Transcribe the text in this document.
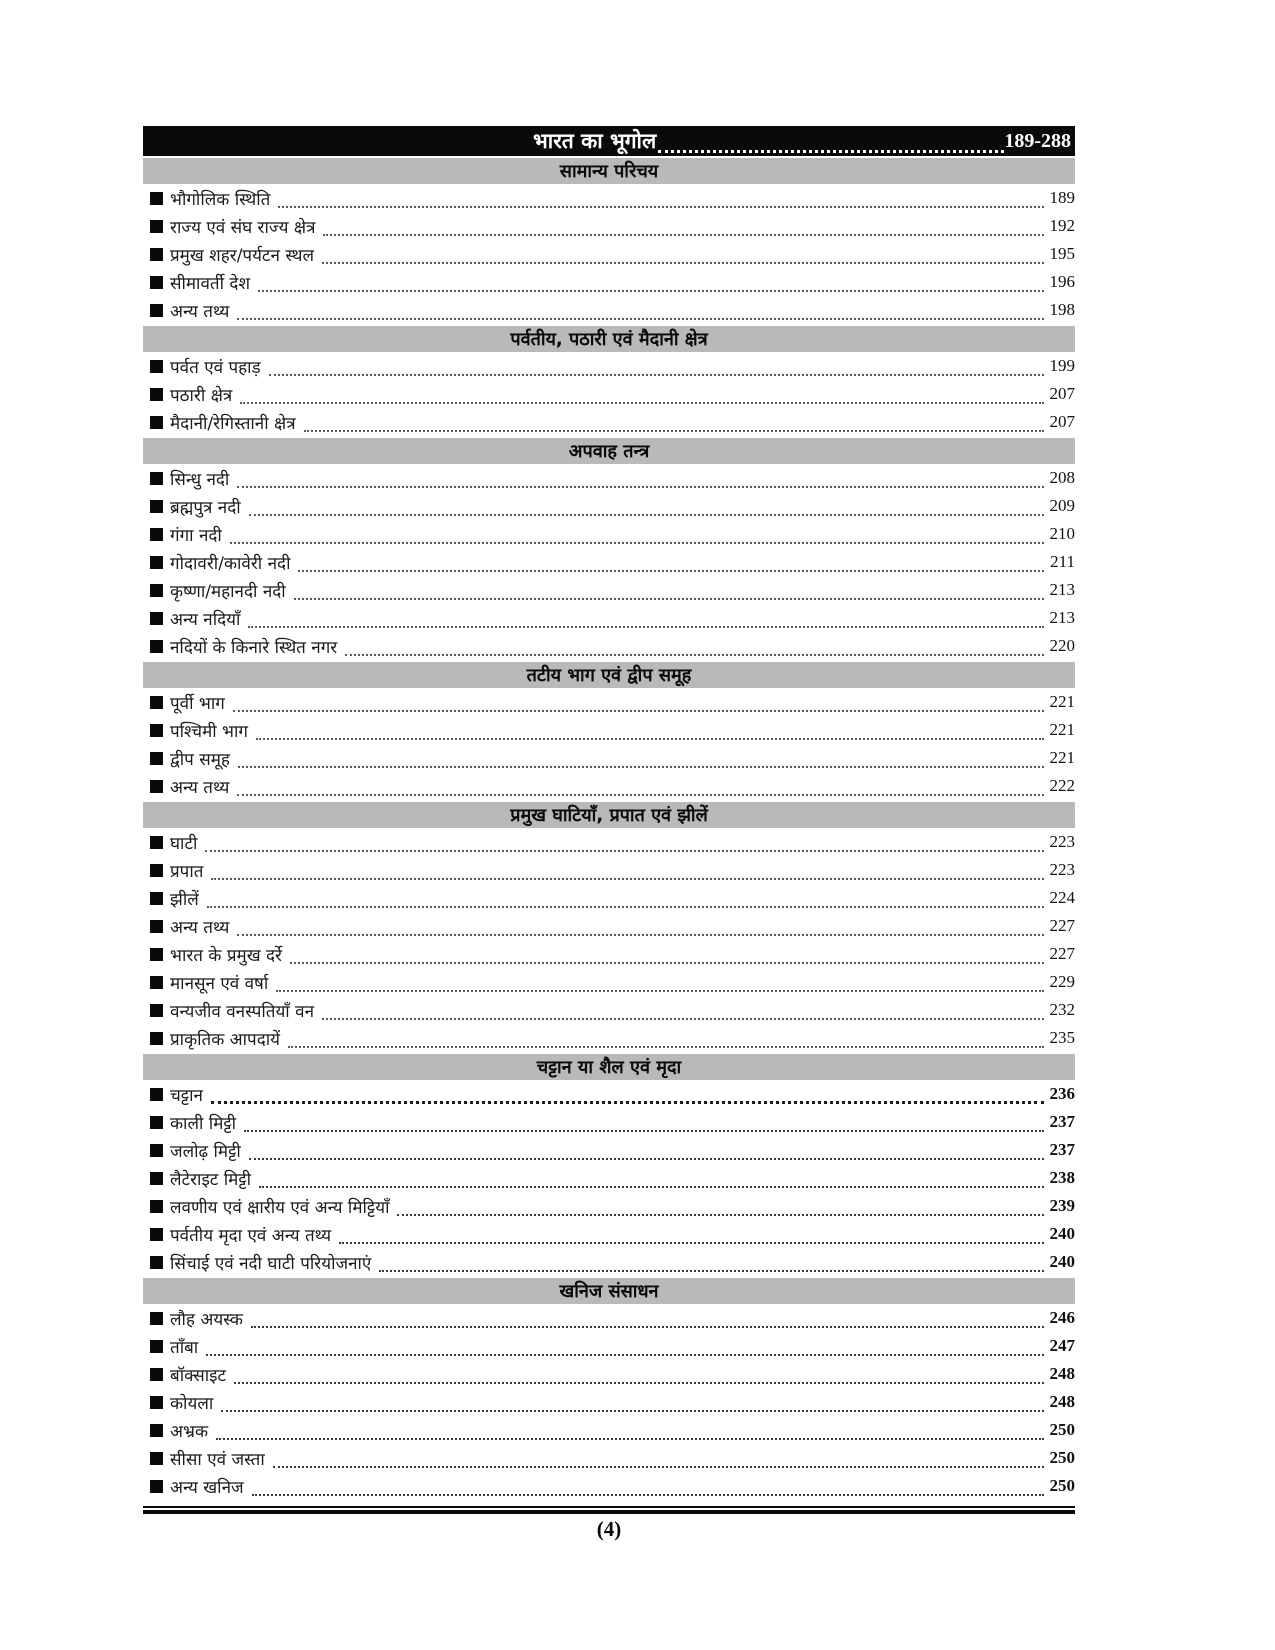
भारत का भूगोल	189-288
सामान्य परिचय
भौगोलिक स्थिति	189
राज्य एवं संघ राज्य क्षेत्र	192
प्रमुख शहर/पर्यटन स्थल	195
सीमावर्ती देश	196
अन्य तथ्य	198
पर्वतीय, पठारी एवं मैदानी क्षेत्र
पर्वत एवं पहाड़	199
पठारी क्षेत्र	207
मैदानी/रेगिस्तानी क्षेत्र	207
अपवाह तन्त्र
सिन्धु नदी	208
ब्रह्मपुत्र नदी	209
गंगा नदी	210
गोदावरी/कावेरी नदी	211
कृष्णा/महानदी नदी	213
अन्य नदियाँ	213
नदियों के किनारे स्थित नगर	220
तटीय भाग एवं द्वीप समूह
पूर्वी भाग	221
पश्चिमी भाग	221
द्वीप समूह	221
अन्य तथ्य	222
प्रमुख घाटियाँ, प्रपात एवं झीलें
घाटी	223
प्रपात	223
झीलें	224
अन्य तथ्य	227
भारत के प्रमुख दर्रे	227
मानसून एवं वर्षा	229
वन्यजीव वनस्पतियाँ वन	232
प्राकृतिक आपदायें	235
चट्टान या शैल एवं मृदा
चट्टान	236
काली मिट्टी	237
जलोढ़ मिट्टी	237
लैटेराइट मिट्टी	238
लवणीय एवं क्षारीय एवं अन्य मिट्टियाँ	239
पर्वतीय मृदा एवं अन्य तथ्य	240
सिंचाई एवं नदी घाटी परियोजनाएं	240
खनिज संसाधन
लौह अयस्क	246
ताँबा	247
बॉक्साइट	248
कोयला	248
अभ्रक	250
सीसा एवं जस्ता	250
अन्य खनिज	250
(4)
